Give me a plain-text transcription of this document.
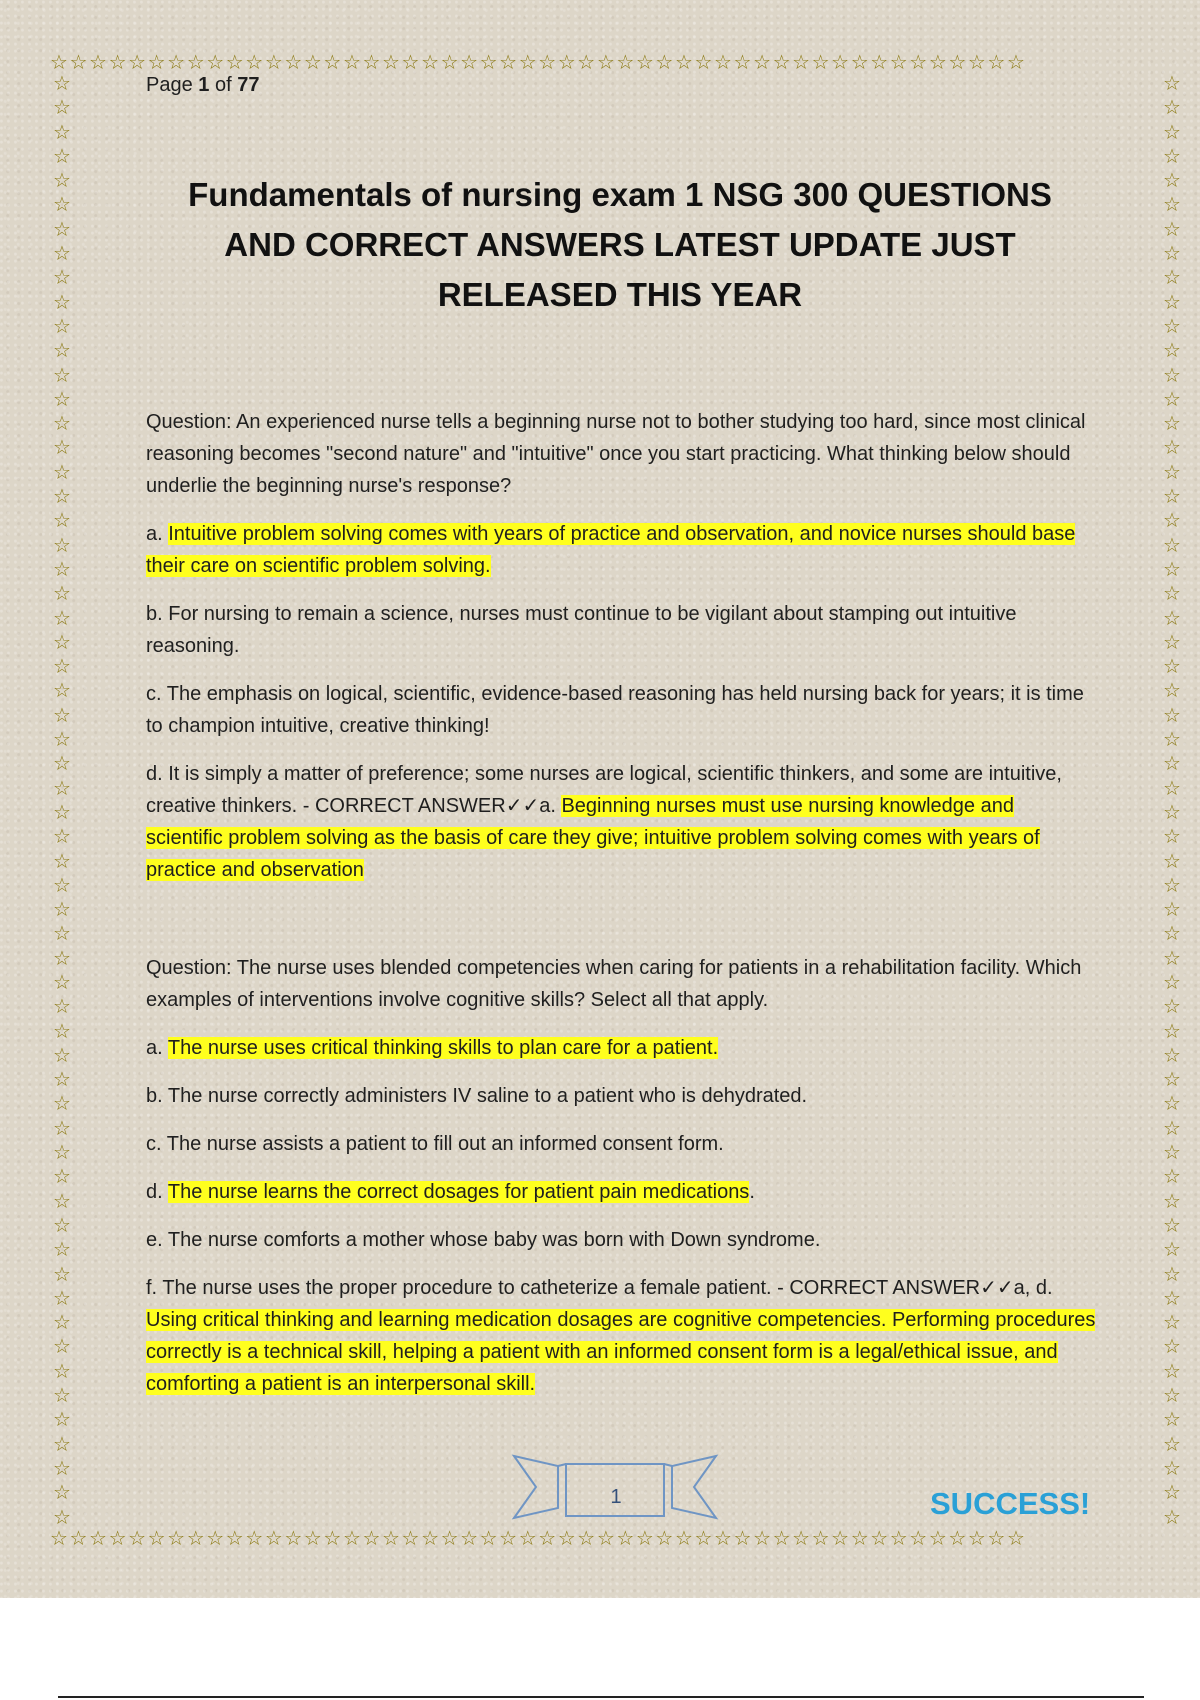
☆☆☆☆☆☆☆☆☆☆☆☆☆☆☆☆☆☆☆☆☆☆☆☆☆☆☆☆☆☆☆☆☆☆☆☆☆☆☆☆☆☆☆☆☆☆☆☆☆☆
☆☆☆☆☆☆☆☆☆☆☆☆☆☆☆☆☆☆☆☆☆☆☆☆☆☆☆☆☆☆☆☆☆☆☆☆☆☆☆☆☆☆☆☆☆☆☆☆☆☆
☆☆☆☆☆☆☆☆☆☆☆☆☆☆☆☆☆☆☆☆☆☆☆☆☆☆☆☆☆☆☆☆☆☆☆☆☆☆☆☆☆☆☆☆☆☆☆☆☆☆☆☆☆☆☆☆☆☆☆☆
☆☆☆☆☆☆☆☆☆☆☆☆☆☆☆☆☆☆☆☆☆☆☆☆☆☆☆☆☆☆☆☆☆☆☆☆☆☆☆☆☆☆☆☆☆☆☆☆☆☆☆☆☆☆☆☆☆☆☆☆
Page 1 of 77
Fundamentals of nursing exam 1 NSG 300 QUESTIONS
AND CORRECT ANSWERS LATEST UPDATE JUST
RELEASED THIS YEAR

Question: An experienced nurse tells a beginning nurse not to bother studying too hard, since most clinical reasoning becomes "second nature" and "intuitive" once you start practicing. What thinking below should underlie the beginning nurse's response?

a. Intuitive problem solving comes with years of practice and observation, and novice nurses should base their care on scientific problem solving.

b. For nursing to remain a science, nurses must continue to be vigilant about stamping out intuitive reasoning.

c. The emphasis on logical, scientific, evidence-based reasoning has held nursing back for years; it is time to champion intuitive, creative thinking!

d. It is simply a matter of preference; some nurses are logical, scientific thinkers, and some are intuitive, creative thinkers. - CORRECT ANSWER✓✓a. Beginning nurses must use nursing knowledge and scientific problem solving as the basis of care they give; intuitive problem solving comes with years of practice and observation

Question: The nurse uses blended competencies when caring for patients in a rehabilitation facility. Which examples of interventions involve cognitive skills? Select all that apply.

a. The nurse uses critical thinking skills to plan care for a patient.

b. The nurse correctly administers IV saline to a patient who is dehydrated.

c. The nurse assists a patient to fill out an informed consent form.

d. The nurse learns the correct dosages for patient pain medications.

e. The nurse comforts a mother whose baby was born with Down syndrome.

f. The nurse uses the proper procedure to catheterize a female patient. - CORRECT ANSWER✓✓a, d. Using critical thinking and learning medication dosages are cognitive competencies. Performing procedures correctly is a technical skill, helping a patient with an informed consent form is a legal/ethical issue, and comforting a patient is an interpersonal skill.

1	SUCCESS!
